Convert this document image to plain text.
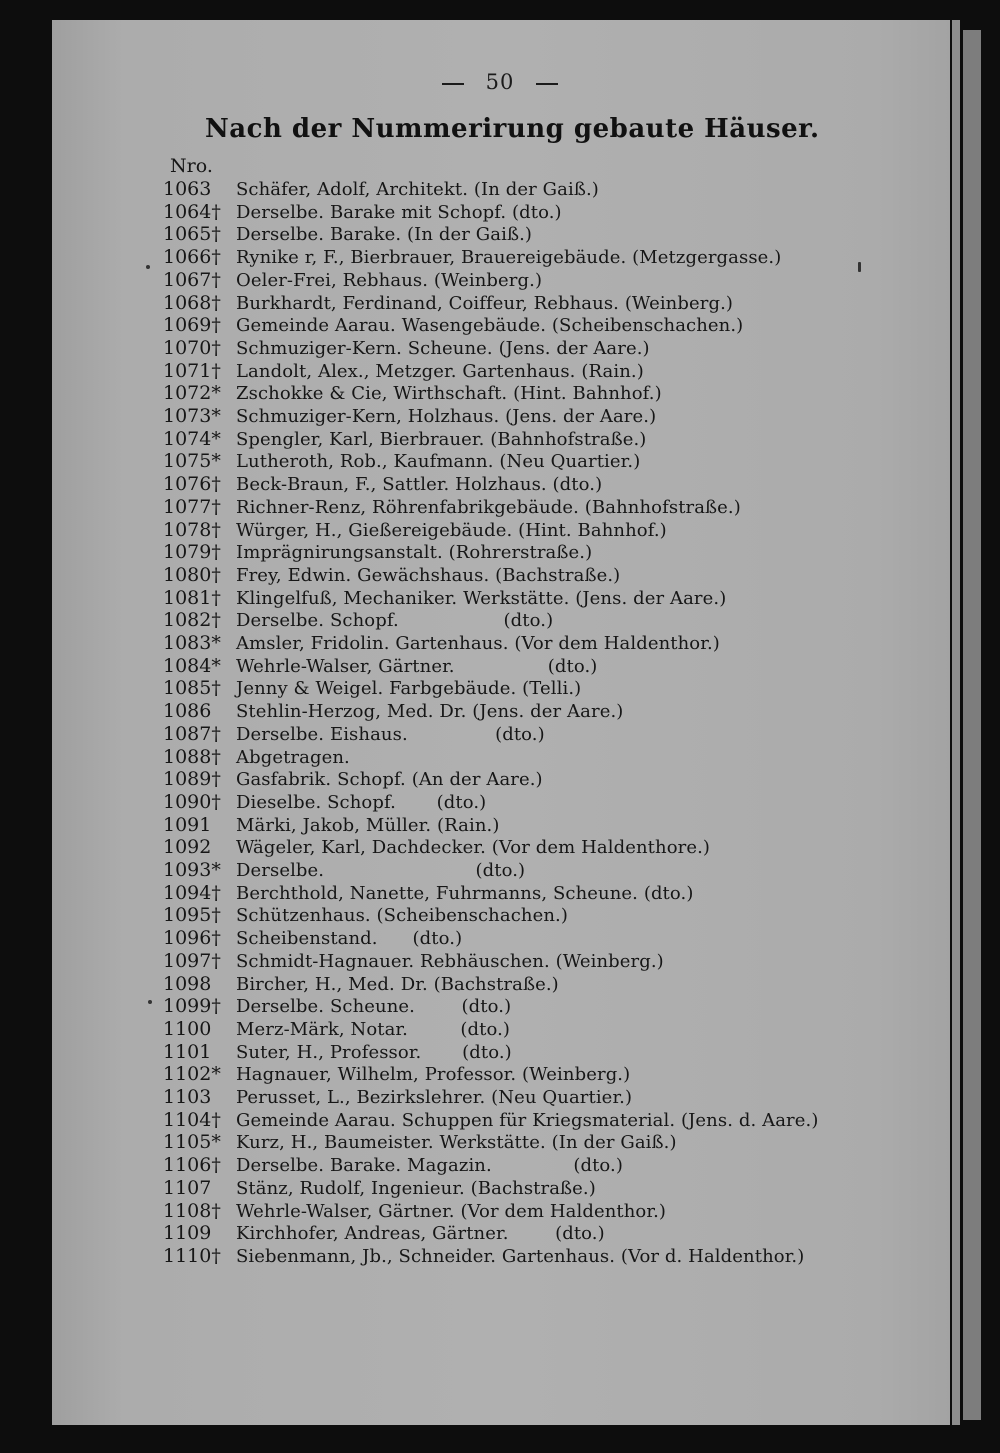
50
Nach der Nummerirung gebaute Häuser.
Nro.
1063	Schäfer, Adolf, Architekt. (In der Gaiß.)
1064† Derselbe. Barake mit Schopf. (dto.)
1065† Derselbe. Barake. (In der Gaiß.)
1066† Rynike r, F., Bierbrauer, Brauereigebäude. (Metzgergasse.)
1067† Oeler-Frei, Rebhaus. (Weinberg.)
1068† Burkhardt, Ferdinand, Coiffeur, Rebhaus. (Weinberg.)
1069† Gemeinde Aarau. Wasengebäude. (Scheibenschachen.)
1070† Schmuziger-Kern. Scheune. (Jens. der Aare.)
1071† Landolt, Alex., Metzger. Gartenhaus. (Rain.)
1072* Zschokke & Cie, Wirthschaft. (Hint. Bahnhof.)
1073* Schmuziger-Kern, Holzhaus. (Jens. der Aare.)
1074* Spengler, Karl, Bierbrauer. (Bahnhofstraße.)
1075* Lutheroth, Rob., Kaufmann. (Neu Quartier.)
1076† Beck-Braun, F., Sattler. Holzhaus. (dto.)
1077† Richner-Renz, Röhrenfabrikgebäude. (Bahnhofstraße.)
1078† Würger, H., Gießereigebäude. (Hint. Bahnhof.)
1079† Imprägnirungsanstalt. (Rohrerstraße.)
1080† Frey, Edwin. Gewächshaus. (Bachstraße.)
1081† Klingelfuß, Mechaniker. Werkstätte. (Jens. der Aare.)
1082† Derselbe. Schopf.                  (dto.)
1083* Amsler, Fridolin. Gartenhaus. (Vor dem Haldenthor.)
1084* Wehrle-Walser, Gärtner.                (dto.)
1085† Jenny & Weigel. Farbgebäude. (Telli.)
1086	Stehlin-Herzog, Med. Dr. (Jens. der Aare.)
1087† Derselbe. Eishaus.               (dto.)
1088† Abgetragen.
1089† Gasfabrik. Schopf. (An der Aare.)
1090† Dieselbe. Schopf.       (dto.)
1091	Märki, Jakob, Müller. (Rain.)
1092	Wägeler, Karl, Dachdecker. (Vor dem Haldenthore.)
1093* Derselbe.                          (dto.)
1094† Berchthold, Nanette, Fuhrmanns, Scheune. (dto.)
1095† Schützenhaus. (Scheibenschachen.)
1096† Scheibenstand.      (dto.)
1097† Schmidt-Hagnauer. Rebhäuschen. (Weinberg.)
1098	Bircher, H., Med. Dr. (Bachstraße.)
1099† Derselbe. Scheune.        (dto.)
1100	Merz-Märk, Notar.         (dto.)
1101	Suter, H., Professor.       (dto.)
1102* Hagnauer, Wilhelm, Professor. (Weinberg.)
1103	Perusset, L., Bezirkslehrer. (Neu Quartier.)
1104† Gemeinde Aarau. Schuppen für Kriegsmaterial. (Jens. d. Aare.)
1105* Kurz, H., Baumeister. Werkstätte. (In der Gaiß.)
1106† Derselbe. Barake. Magazin.              (dto.)
1107	Stänz, Rudolf, Ingenieur. (Bachstraße.)
1108† Wehrle-Walser, Gärtner. (Vor dem Haldenthor.)
1109	Kirchhofer, Andreas, Gärtner.        (dto.)
1110† Siebenmann, Jb., Schneider. Gartenhaus. (Vor d. Haldenthor.)
